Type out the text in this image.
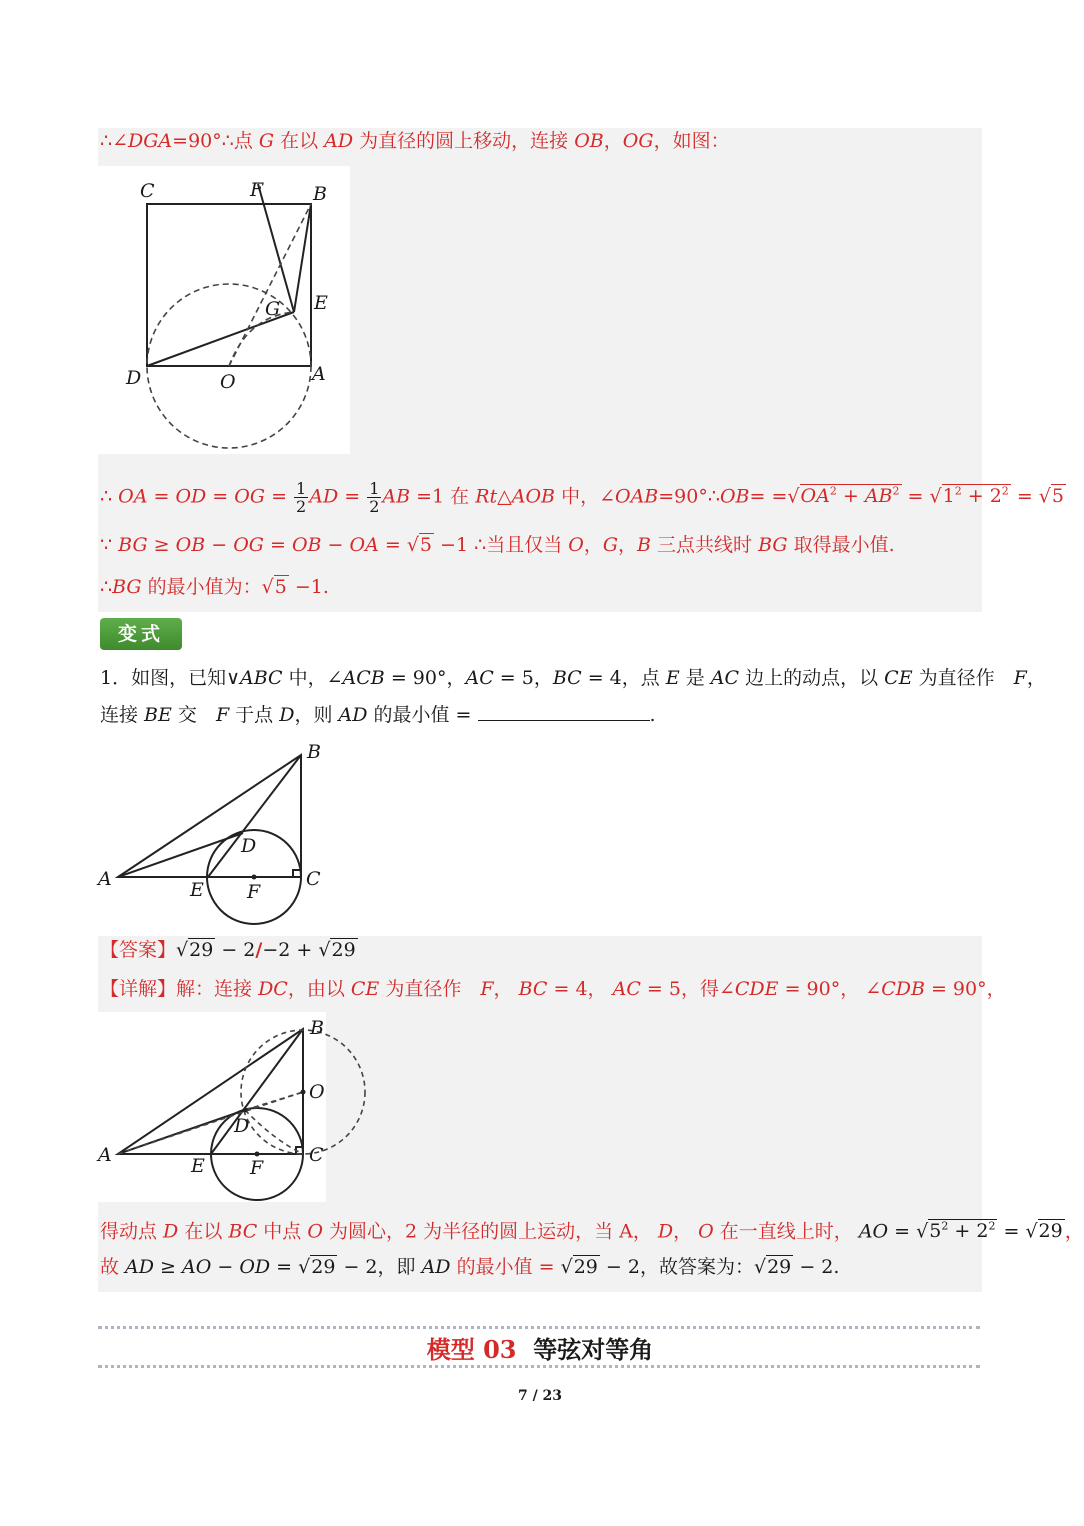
∴∠DGA=90°∴点 G 在以 AD 为直径的圆上移动，连接 OB，OG，如图：
C	F	B
G E
D	O	A
∴ OA = OD = OG = $\frac{1}{2}$ AD = $\frac{1}{2}$ AB =1 在 Rt△AOB 中，∠OAB=90°∴OB= $=√OA^2 + AB^2 = √1^2 + 2^2 = √5$
∵ BG ≥ OB − OG = OB − OA = √5 −1 ∴当且仅当 O，G，B 三点共线时 BG 取得最小值.
∴BG 的最小值为：√5 −1.
变式
1．如图，已知∨ABC 中，∠ACB = 90°，AC = 5，BC = 4，点 E 是 AC 边上的动点，以 CE 为直径作　F，
连接 BE 交　F 于点 D，则 AD 的最小值 =	.
B
D
A	E F
C
【答案】√29 − 2/−2 + √29
【详解】解：连接 DC，由以 CE 为直径作　F， BC = 4， AC = 5，得∠CDE = 90°， ∠CDB = 90°，
B
O
D
A	E F
C
得动点 D 在以 BC 中点 O 为圆心，2 为半径的圆上运动，当 A， D， O 在一直线上时， AO = $√5^2 + 2^2 = √29$ ，
故 AD ≥ AO − OD = √29 − 2，即 AD 的最小值 = √29 − 2，故答案为：√29 − 2.
模型 03 等弦对等角
7 / 23
